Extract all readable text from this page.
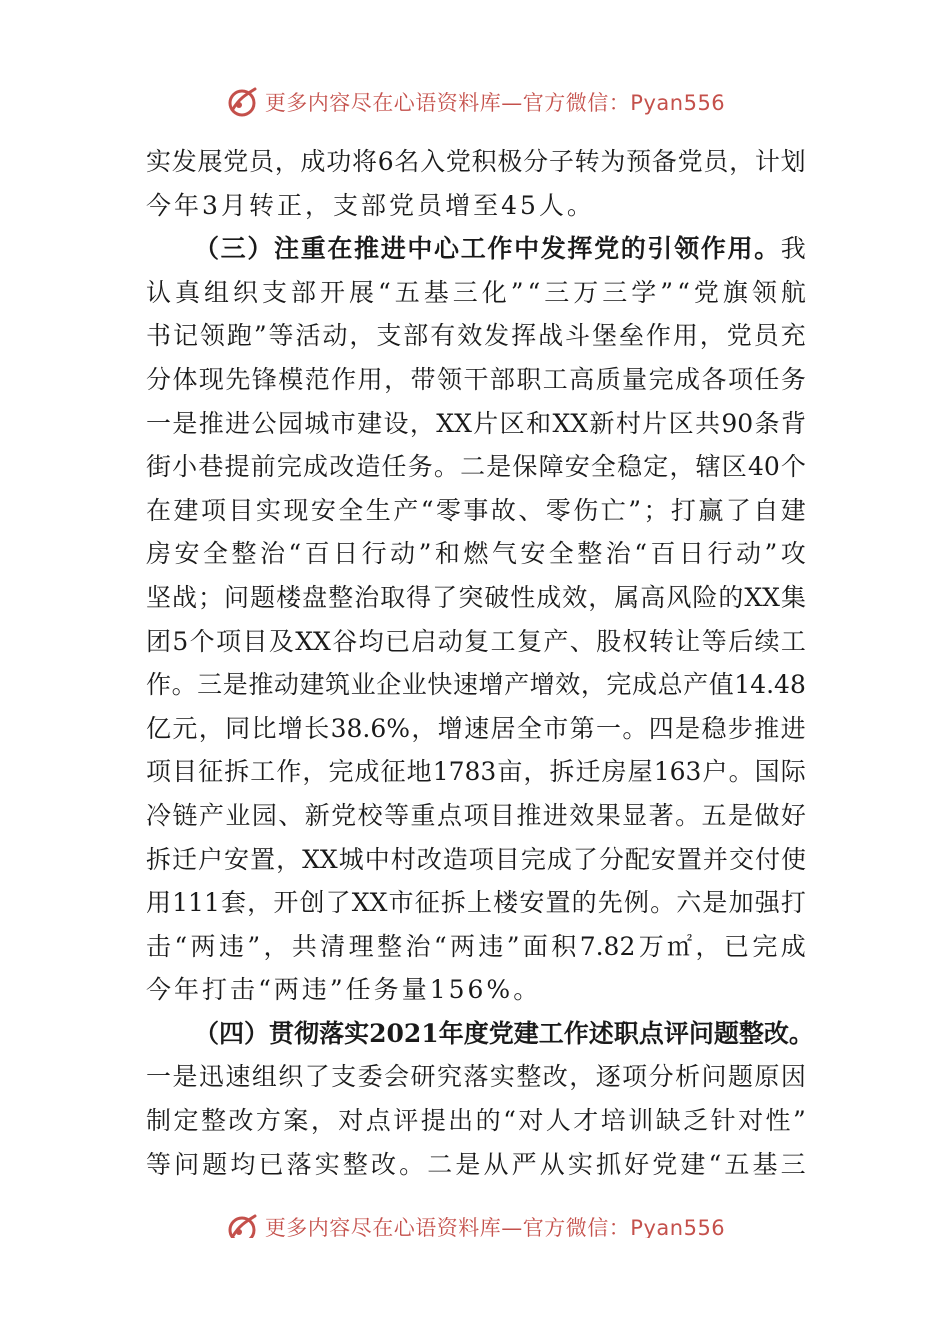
更多内容尽在心语资料库—官方微信：Pyan556
实 发 展 党 员 ， 成 功 将 6 名 入 党 积 极 分 子 转 为 预 备 党 员 ， 计 划
今 年 3 月 转 正 ， 支 部 党 员 增 至 45 人 。
（ 三 ） 注 重 在 推 进 中 心 工 作 中 发 挥 党 的 引 领 作 用 。 我
认 真 组 织 支 部 开 展 “ 五 基 三 化 ” “ 三 万 三 学 ” “ 党 旗 领 航
书 记 领 跑 ” 等 活 动 ， 支 部 有 效 发 挥 战 斗 堡 垒 作 用 ， 党 员 充
分 体 现 先 锋 模 范 作 用 ， 带 领 干 部 职 工 高 质 量 完 成 各 项 任 务
一 是 推 进 公 园 城 市 建 设 ， XX 片 区 和 XX 新 村 片 区 共 90 条 背
街 小 巷 提 前 完 成 改 造 任 务 。 二 是 保 障 安 全 稳 定 ， 辖 区 40 个
在 建 项 目 实 现 安 全 生 产 “ 零 事 故 、 零 伤 亡 ” ； 打 赢 了 自 建
房 安 全 整 治 “ 百 日 行 动 ” 和 燃 气 安 全 整 治 “ 百 日 行 动 ” 攻
坚 战 ； 问 题 楼 盘 整 治 取 得 了 突 破 性 成 效 ， 属 高 风 险 的 XX 集
团 5 个 项 目 及 XX 谷 均 已 启 动 复 工 复 产 、 股 权 转 让 等 后 续 工
作 。 三 是 推 动 建 筑 业 企 业 快 速 增 产 增 效 ， 完 成 总 产 值 14.48
亿 元 ， 同 比 增 长 38.6% ， 增 速 居 全 市 第 一 。 四 是 稳 步 推 进
项 目 征 拆 工 作 ， 完 成 征 地 1783 亩 ， 拆 迁 房 屋 163 户 。 国 际
冷 链 产 业 园 、 新 党 校 等 重 点 项 目 推 进 效 果 显 著 。 五 是 做 好
拆 迁 户 安 置 ， XX 城 中 村 改 造 项 目 完 成 了 分 配 安 置 并 交 付 使
用 111 套 ， 开 创 了 XX 市 征 拆 上 楼 安 置 的 先 例 。 六 是 加 强 打
击 “ 两 违 ” ， 共 清 理 整 治 “ 两 违 ” 面 积 7.82 万 ㎡ ， 已 完 成
今 年 打 击 “ 两 违 ” 任 务 量 156% 。
（ 四 ） 贯 彻 落 实 2021 年 度 党 建 工 作 述 职 点 评 问 题 整 改 。
一 是 迅 速 组 织 了 支 委 会 研 究 落 实 整 改 ， 逐 项 分 析 问 题 原 因
制 定 整 改 方 案 ， 对 点 评 提 出 的 “ 对 人 才 培 训 缺 乏 针 对 性 ”
等 问 题 均 已 落 实 整 改 。 二 是 从 严 从 实 抓 好 党 建 “ 五 基 三
更多内容尽在心语资料库—官方微信：Pyan556
